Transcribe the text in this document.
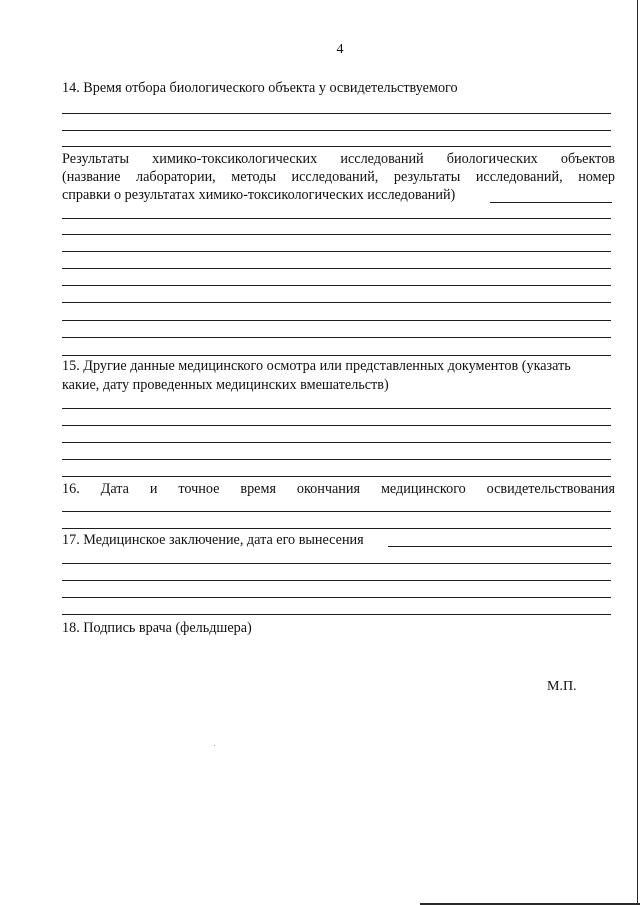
4
14. Время отбора биологического объекта у освидетельствуемого
Результаты химико-токсикологических исследований биологических объектов
(название лаборатории, методы исследований, результаты исследований, номер
справки о результатах химико-токсикологических исследований)
15. Другие данные медицинского осмотра или представленных документов (указать
какие, дату проведенных медицинских вмешательств)
16. Дата и точное время окончания медицинского освидетельствования
17. Медицинское заключение, дата его вынесения
18. Подпись врача (фельдшера)
М.П.
